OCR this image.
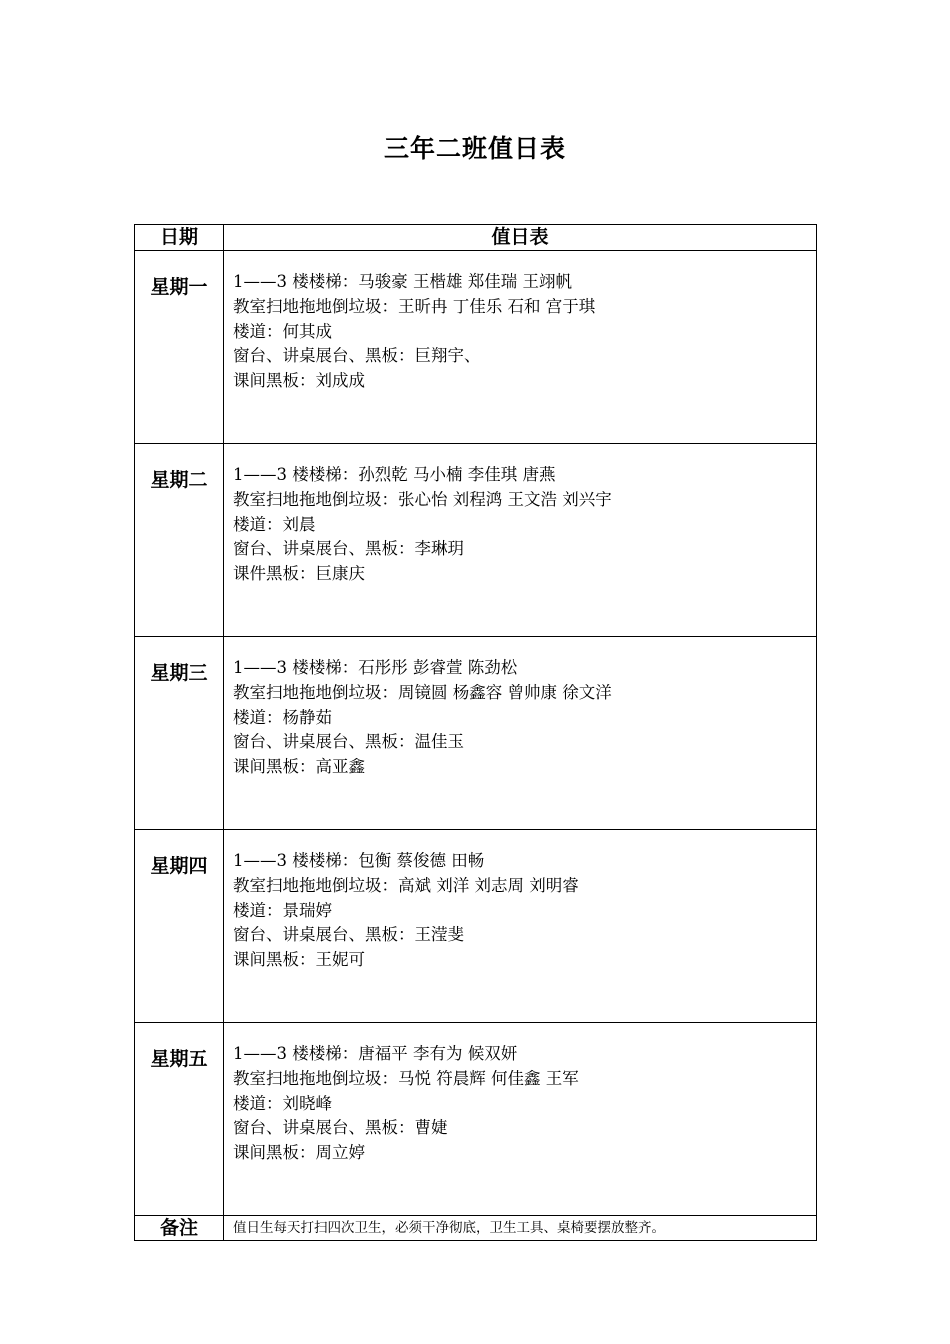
三年二班值日表
日期	值日表
星期一	1——3 楼楼梯：马骏豪 王楷雄 郑佳瑞 王翊帆
教室扫地拖地倒垃圾：王昕冉 丁佳乐 石和 宫于琪
楼道：何其成
窗台、讲桌展台、黑板：巨翔宇、
课间黑板：刘成成

星期二	1——3 楼楼梯：孙烈乾 马小楠 李佳琪 唐燕
教室扫地拖地倒垃圾：张心怡 刘程鸿 王文浩 刘兴宇
楼道：刘晨
窗台、讲桌展台、黑板：李琳玥
课件黑板：巨康庆

星期三	1——3 楼楼梯：石彤彤 彭睿萱 陈劲松
教室扫地拖地倒垃圾：周镜圆 杨鑫容 曾帅康 徐文洋
楼道：杨静茹
窗台、讲桌展台、黑板：温佳玉
课间黑板：高亚鑫

星期四	1——3 楼楼梯：包衡 蔡俊德 田畅
教室扫地拖地倒垃圾：高斌 刘洋 刘志周 刘明睿
楼道：景瑞婷
窗台、讲桌展台、黑板：王滢斐
课间黑板：王妮可

星期五	1——3 楼楼梯：唐福平 李有为 候双妍
教室扫地拖地倒垃圾：马悦 符晨辉 何佳鑫 王军
楼道：刘晓峰
窗台、讲桌展台、黑板：曹婕
课间黑板：周立婷

备注	值日生每天打扫四次卫生，必须干净彻底，卫生工具、桌椅要摆放整齐。
